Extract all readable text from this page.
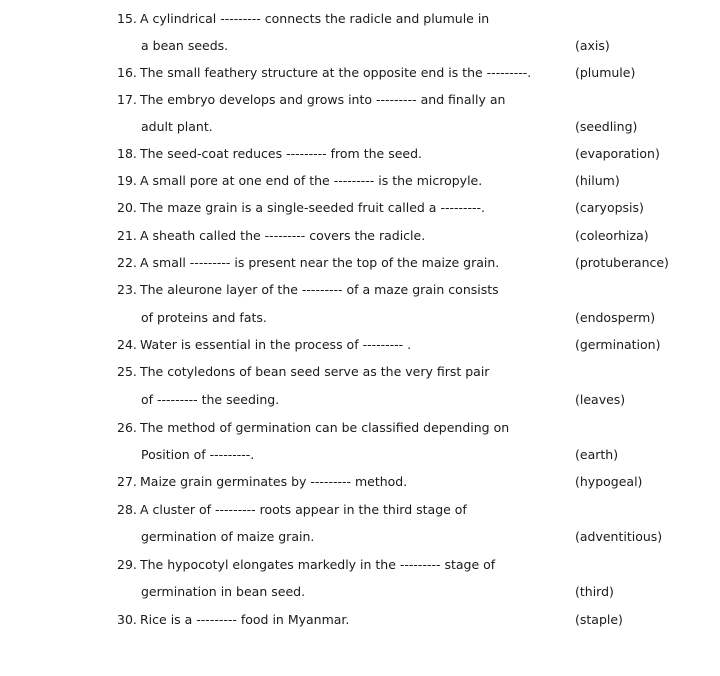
15. A cylindrical --------- connects the radicle and plumule in
a bean seeds.	(axis)
16. The small feathery structure at the opposite end is the ---------.	(plumule)
17. The embryo develops and grows into --------- and finally an
adult plant.	(seedling)
18. The seed-coat reduces --------- from the seed.	(evaporation)
19. A small pore at one end of the --------- is the micropyle.	(hilum)
20. The maze grain is a single-seeded fruit called a ---------.	(caryopsis)
21. A sheath called the --------- covers the radicle.	(coleorhiza)
22. A small --------- is present near the top of the maize grain.	(protuberance)
23. The aleurone layer of the --------- of a maze grain consists
of proteins and fats.	(endosperm)
24. Water is essential in the process of --------- .	(germination)
25. The cotyledons of bean seed serve as the very first pair
of --------- the seeding.	(leaves)
26. The method of germination can be classified depending on
Position of ---------.	(earth)
27. Maize grain germinates by --------- method.	(hypogeal)
28. A cluster of --------- roots appear in the third stage of
germination of maize grain.	(adventitious)
29. The hypocotyl elongates markedly in the --------- stage of
germination in bean seed.	(third)
30. Rice is a --------- food in Myanmar.	(staple)
